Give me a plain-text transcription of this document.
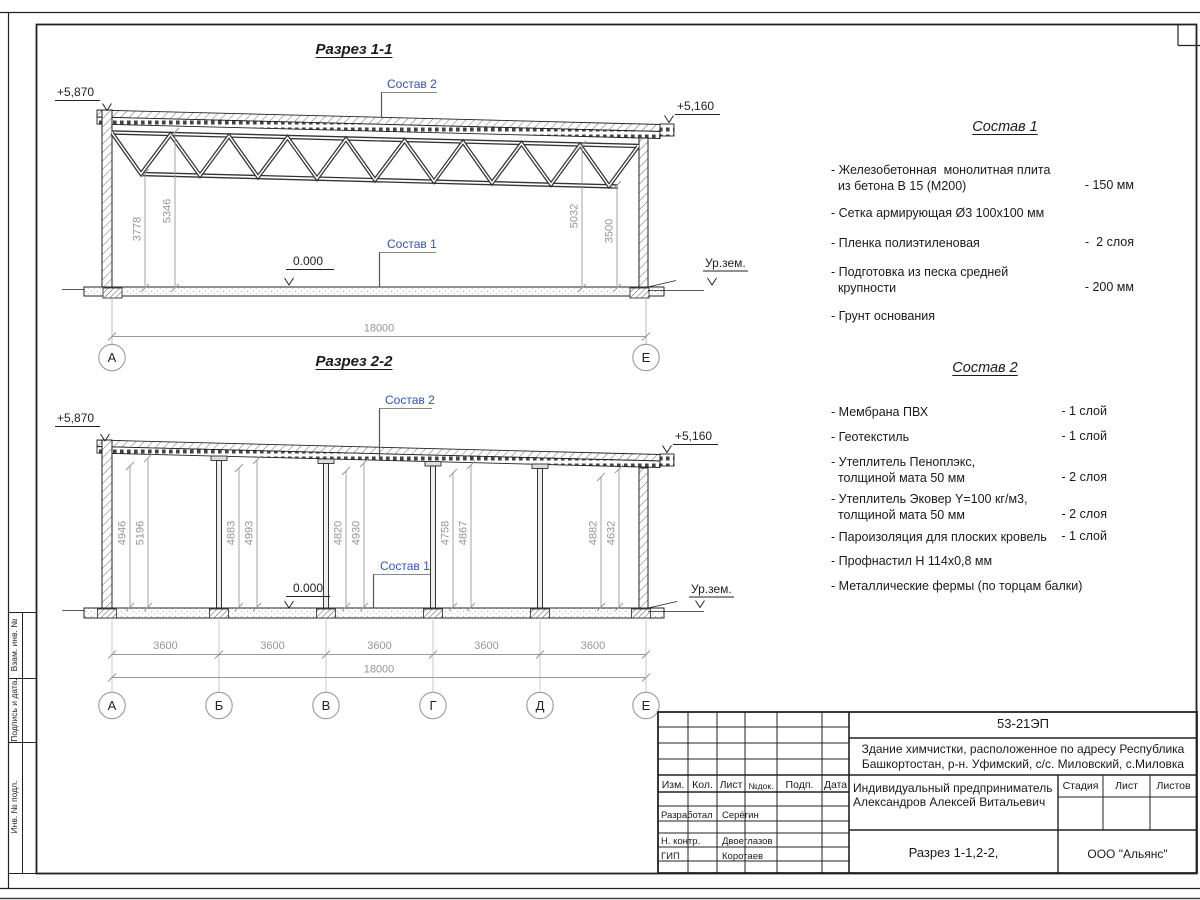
+5,870
+5,160
Ур.зем.
0.000
Состав 2
Состав 1
3778
5346	5032
3500
18000
А	Е
+5,870
+5,160
Ур.зем.
0.000
Состав 2
Состав 1
4946 5196	4883 4993	4820 4930	4758 4867	4882 4632
3600	3600	3600	3600	3600
18000
А	Б	В	Г	Д	Е
Разрез 1-1
Разрез 2-2
Состав 1
- Железобетонная  монолитная плита
из бетона В 15 (М200)	- 150 мм
- Сетка армирующая Ø3 100х100 мм
- Пленка полиэтиленовая	-  2 слоя
- Подготовка из песка средней
крупности	- 200 мм
- Грунт основания
Состав 2
- Мембрана ПВХ	- 1 слой
- Геотекстиль	- 1 слой
- Утеплитель Пеноплэкс,
толщиной мата 50 мм	- 2 слоя
- Утеплитель Эковер Y=100 кг/м3,
толщиной мата 50 мм	- 2 слоя
- Пароизоляция для плоских кровель - 1 слой
- Профнастил Н 114х0,8 мм
- Металлические фермы (по торцам балки)
53-21ЭП
Здание химчистки, расположенное по адресу Республика
Башкортостан, р-н. Уфимский, с/с. Миловский, с.Миловка
Индивидуальный предприниматель
Александров Алексей Витальевич
Стадия	Лист	Листов
Разрез 1-1,2-2,	ООО "Альянс"
Изм. Кол. Лист №док.	Подп. Дата
Разработал Серёгин
Н. контр.	Двоеглазов
ГИП	Коротаев
Взам. инв. №
Подпись и дата.
Инв. № подл.
